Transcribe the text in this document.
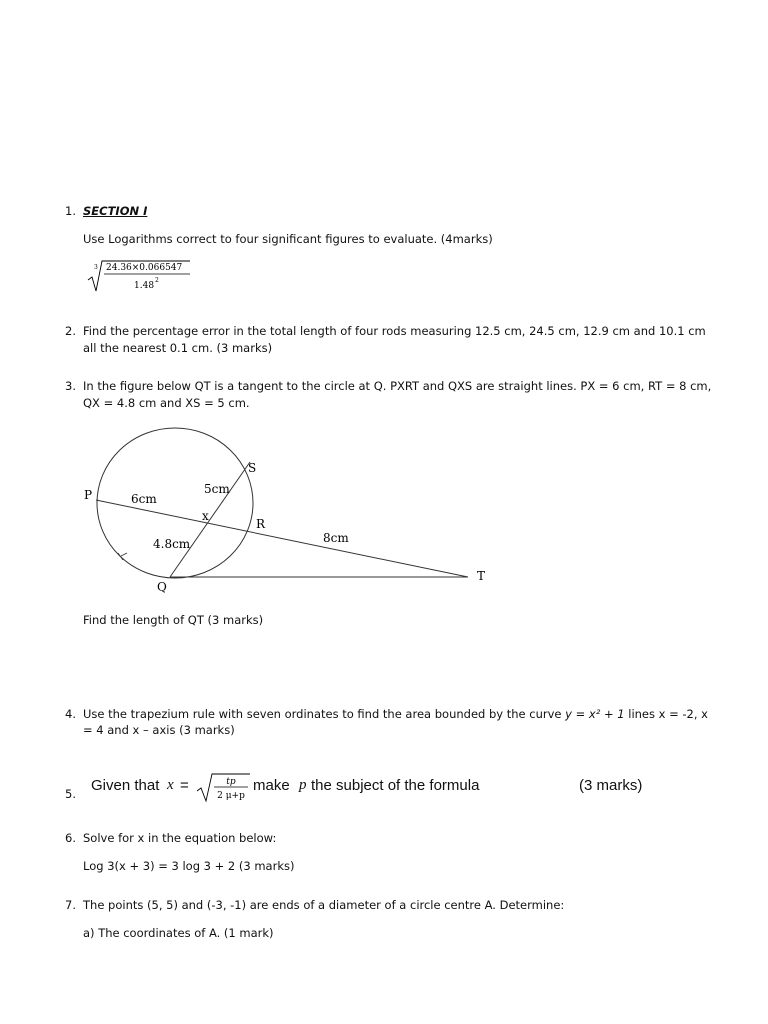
1. SECTION I
Use Logarithms correct to four significant figures to evaluate. (4marks)
3 24.36×0.066547
1.48
2
2. Find the percentage error in the total length of four rods measuring 12.5 cm, 24.5 cm, 12.9 cm and 10.1 cm
all the nearest 0.1 cm. (3 marks)
3. In the figure below QT is a tangent to the circle at Q. PXRT and QXS are straight lines. PX = 6 cm, RT = 8 cm,
QX = 4.8 cm and XS = 5 cm.
P
S
R
Q
T
x
6cm
5cm
4.8cm	8cm
Find the length of QT (3 marks)
4. Use the trapezium rule with seven ordinates to find the area bounded by the curve y = x² + 1 lines x = -2, x
= 4 and x – axis (3 marks)
5. Given that x =	tp
2 μ+p
make p the subject of the formula	(3 marks)
6. Solve for x in the equation below:
Log 3(x + 3) = 3 log 3 + 2 (3 marks)
7. The points (5, 5) and (-3, -1) are ends of a diameter of a circle centre A. Determine:
a) The coordinates of A. (1 mark)
